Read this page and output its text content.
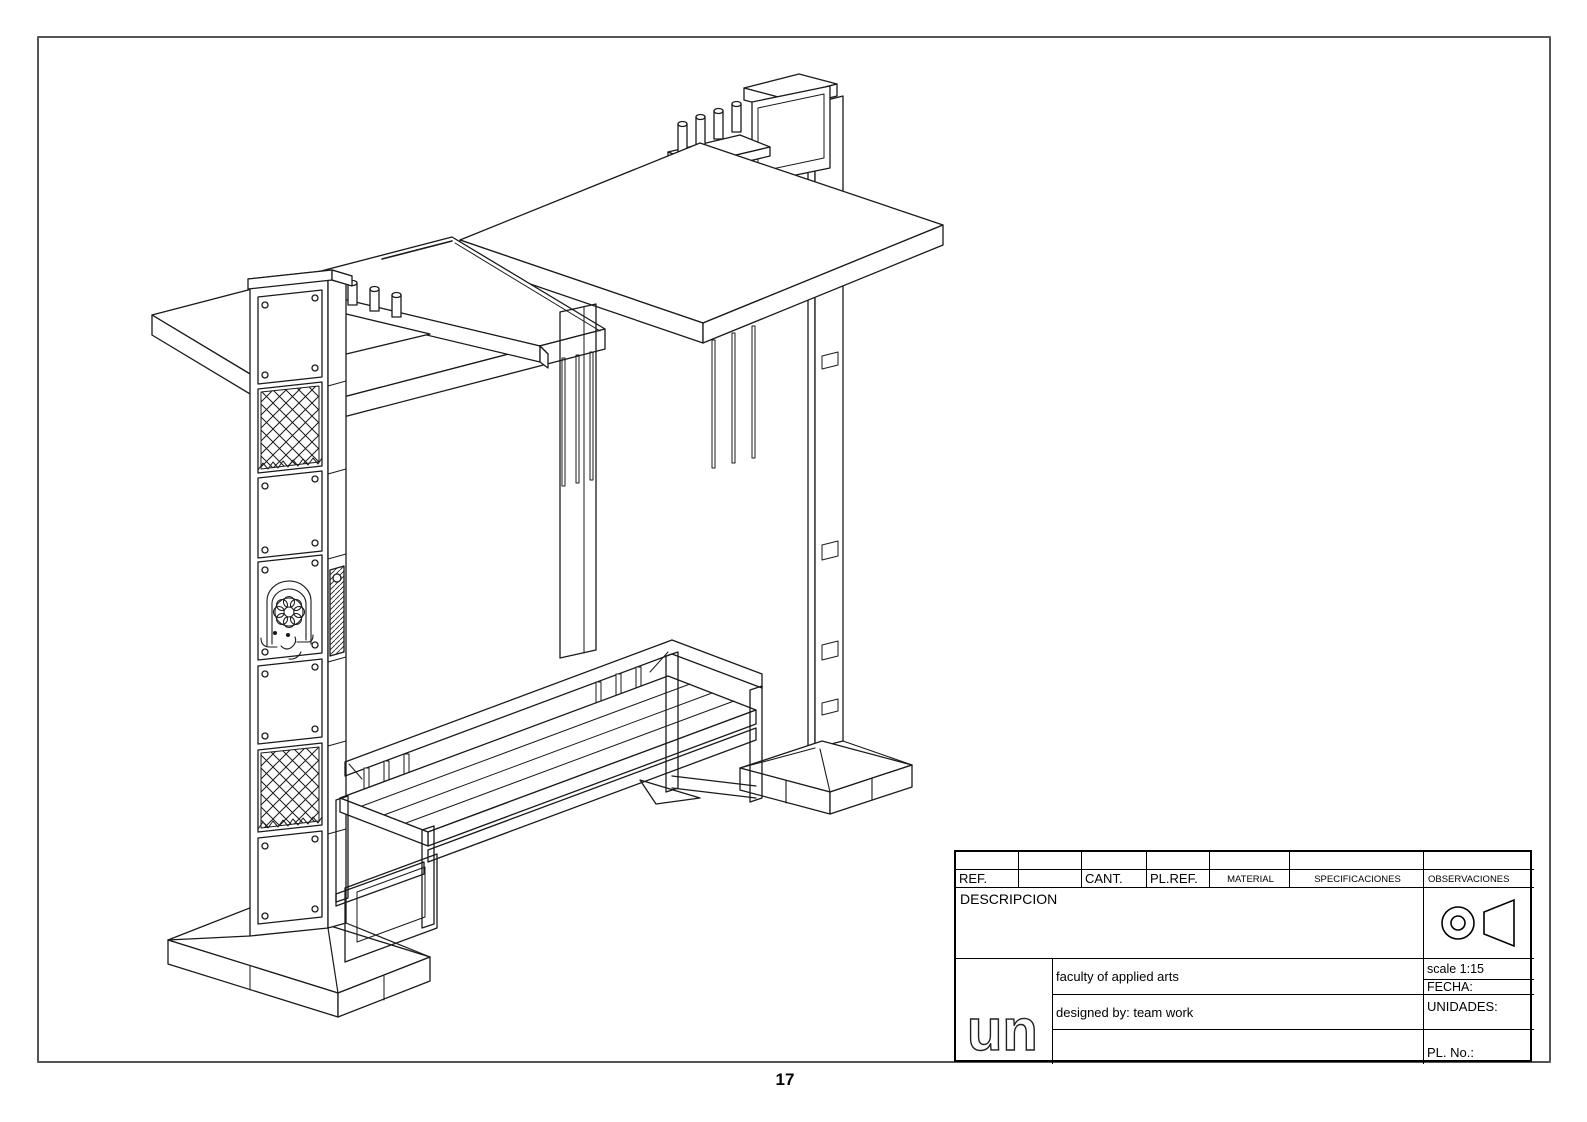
REF.	CANT.	PL.REF.	MATERIAL	SPECIFICACIONES	OBSERVACIONES
DESCRIPCION
un
faculty of applied arts
designed by: team work
scale 1:15
FECHA:
UNIDADES:
PL. No.:
17
